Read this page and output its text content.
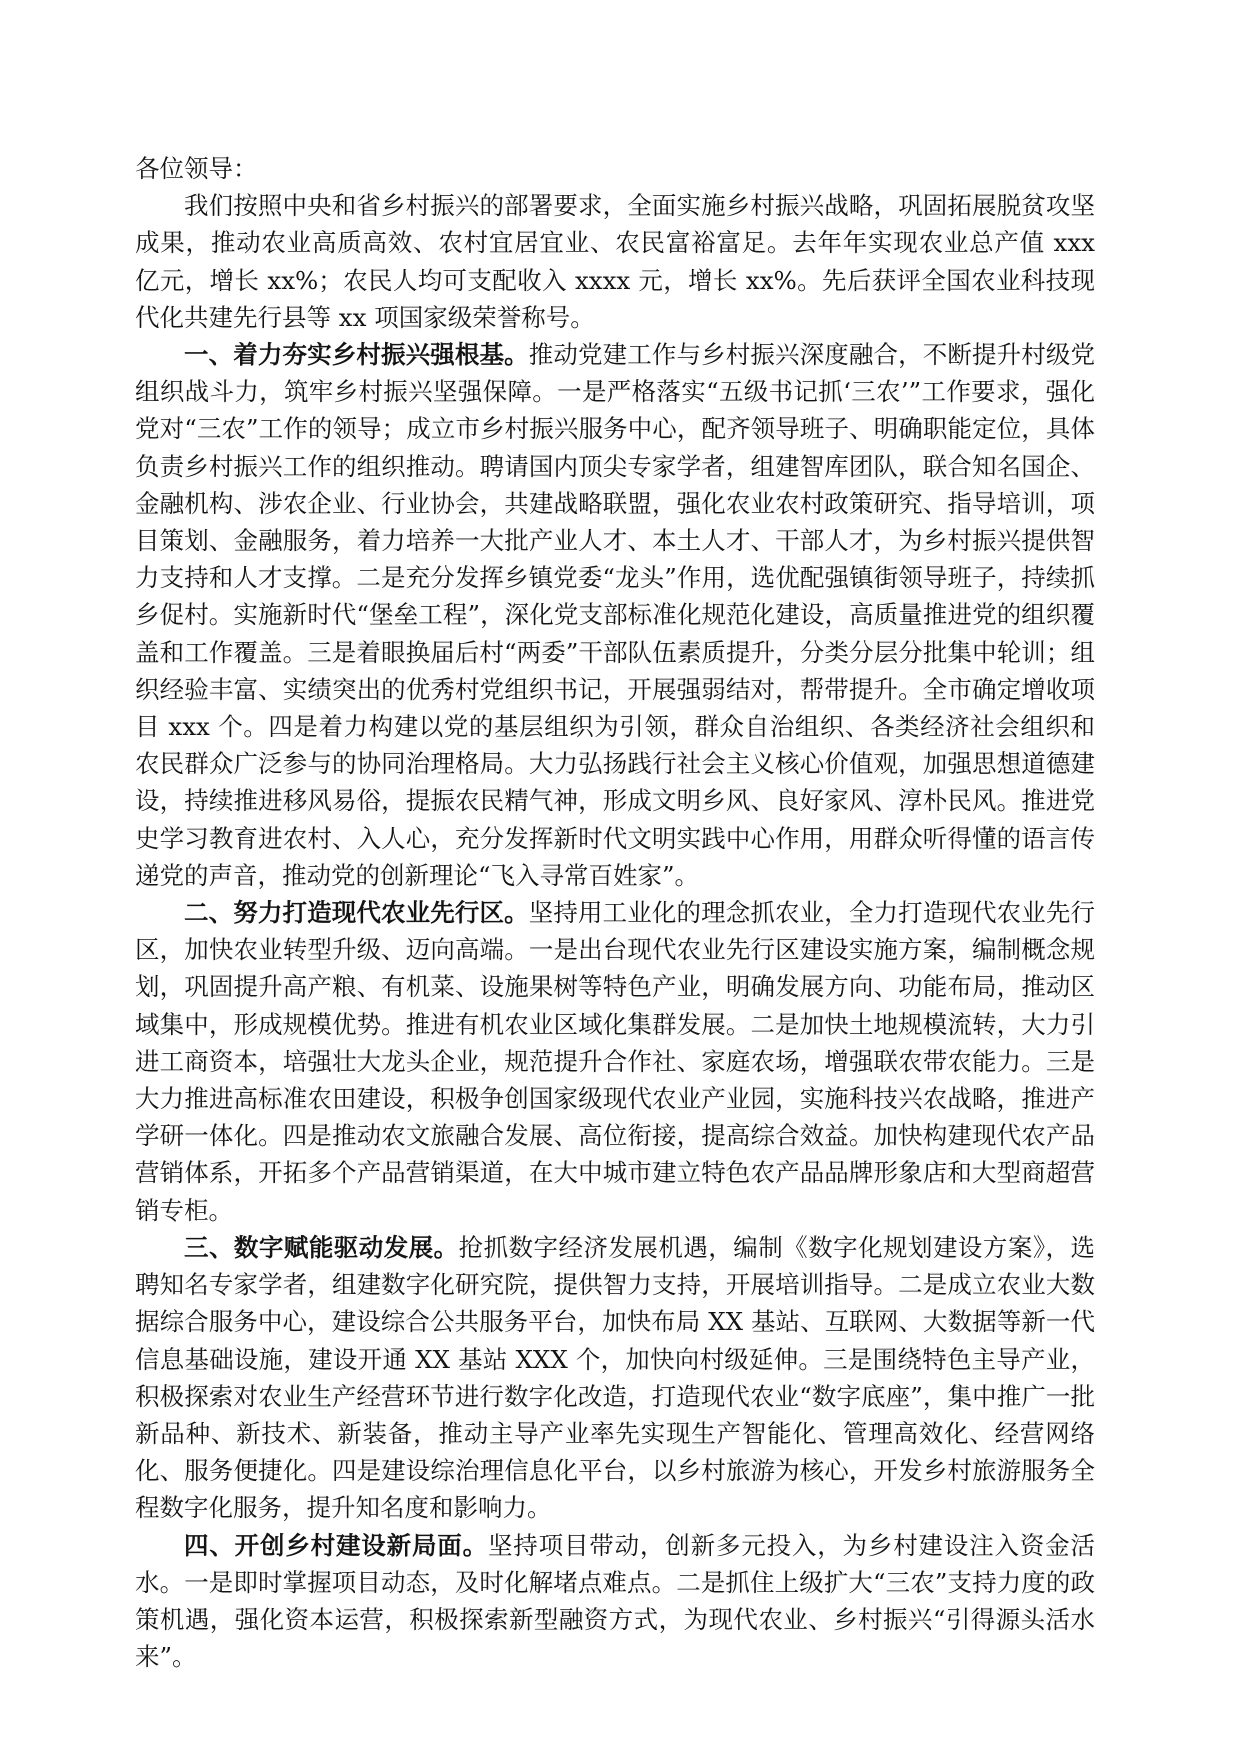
各位领导：

我们按照中央和省乡村振兴的部署要求，全面实施乡村振兴战略，巩固拓展脱贫攻坚成果，推动农业高质高效、农村宜居宜业、农民富裕富足。去年年实现农业总产值 xxx 亿元，增长 xx%；农民人均可支配收入 xxxx 元，增长 xx%。先后获评全国农业科技现代化共建先行县等 xx 项国家级荣誉称号。

一、着力夯实乡村振兴强根基。推动党建工作与乡村振兴深度融合，不断提升村级党组织战斗力，筑牢乡村振兴坚强保障。一是严格落实“五级书记抓‘三农’”工作要求，强化党对“三农”工作的领导；成立市乡村振兴服务中心，配齐领导班子、明确职能定位，具体负责乡村振兴工作的组织推动。聘请国内顶尖专家学者，组建智库团队，联合知名国企、金融机构、涉农企业、行业协会，共建战略联盟，强化农业农村政策研究、指导培训，项目策划、金融服务，着力培养一大批产业人才、本土人才、干部人才，为乡村振兴提供智力支持和人才支撑。二是充分发挥乡镇党委“龙头”作用，选优配强镇街领导班子，持续抓乡促村。实施新时代“堡垒工程”，深化党支部标准化规范化建设，高质量推进党的组织覆盖和工作覆盖。三是着眼换届后村“两委”干部队伍素质提升，分类分层分批集中轮训；组织经验丰富、实绩突出的优秀村党组织书记，开展强弱结对，帮带提升。全市确定增收项目 xxx 个。四是着力构建以党的基层组织为引领，群众自治组织、各类经济社会组织和农民群众广泛参与的协同治理格局。大力弘扬践行社会主义核心价值观，加强思想道德建设，持续推进移风易俗，提振农民精气神，形成文明乡风、良好家风、淳朴民风。推进党史学习教育进农村、入人心，充分发挥新时代文明实践中心作用，用群众听得懂的语言传递党的声音，推动党的创新理论“飞入寻常百姓家”。

二、努力打造现代农业先行区。坚持用工业化的理念抓农业，全力打造现代农业先行区，加快农业转型升级、迈向高端。一是出台现代农业先行区建设实施方案，编制概念规划，巩固提升高产粮、有机菜、设施果树等特色产业，明确发展方向、功能布局，推动区域集中，形成规模优势。推进有机农业区域化集群发展。二是加快土地规模流转，大力引进工商资本，培强壮大龙头企业，规范提升合作社、家庭农场，增强联农带农能力。三是大力推进高标准农田建设，积极争创国家级现代农业产业园，实施科技兴农战略，推进产学研一体化。四是推动农文旅融合发展、高位衔接，提高综合效益。加快构建现代农产品营销体系，开拓多个产品营销渠道，在大中城市建立特色农产品品牌形象店和大型商超营销专柜。

三、数字赋能驱动发展。抢抓数字经济发展机遇，编制《数字化规划建设方案》，选聘知名专家学者，组建数字化研究院，提供智力支持，开展培训指导。二是成立农业大数据综合服务中心，建设综合公共服务平台，加快布局 XX 基站、互联网、大数据等新一代信息基础设施，建设开通 XX 基站 XXX 个，加快向村级延伸。三是围绕特色主导产业，积极探索对农业生产经营环节进行数字化改造，打造现代农业“数字底座”，集中推广一批新品种、新技术、新装备，推动主导产业率先实现生产智能化、管理高效化、经营网络化、服务便捷化。四是建设综治理信息化平台，以乡村旅游为核心，开发乡村旅游服务全程数字化服务，提升知名度和影响力。

四、开创乡村建设新局面。坚持项目带动，创新多元投入，为乡村建设注入资金活水。一是即时掌握项目动态，及时化解堵点难点。二是抓住上级扩大“三农”支持力度的政策机遇，强化资本运营，积极探索新型融资方式，为现代农业、乡村振兴“引得源头活水来”。
